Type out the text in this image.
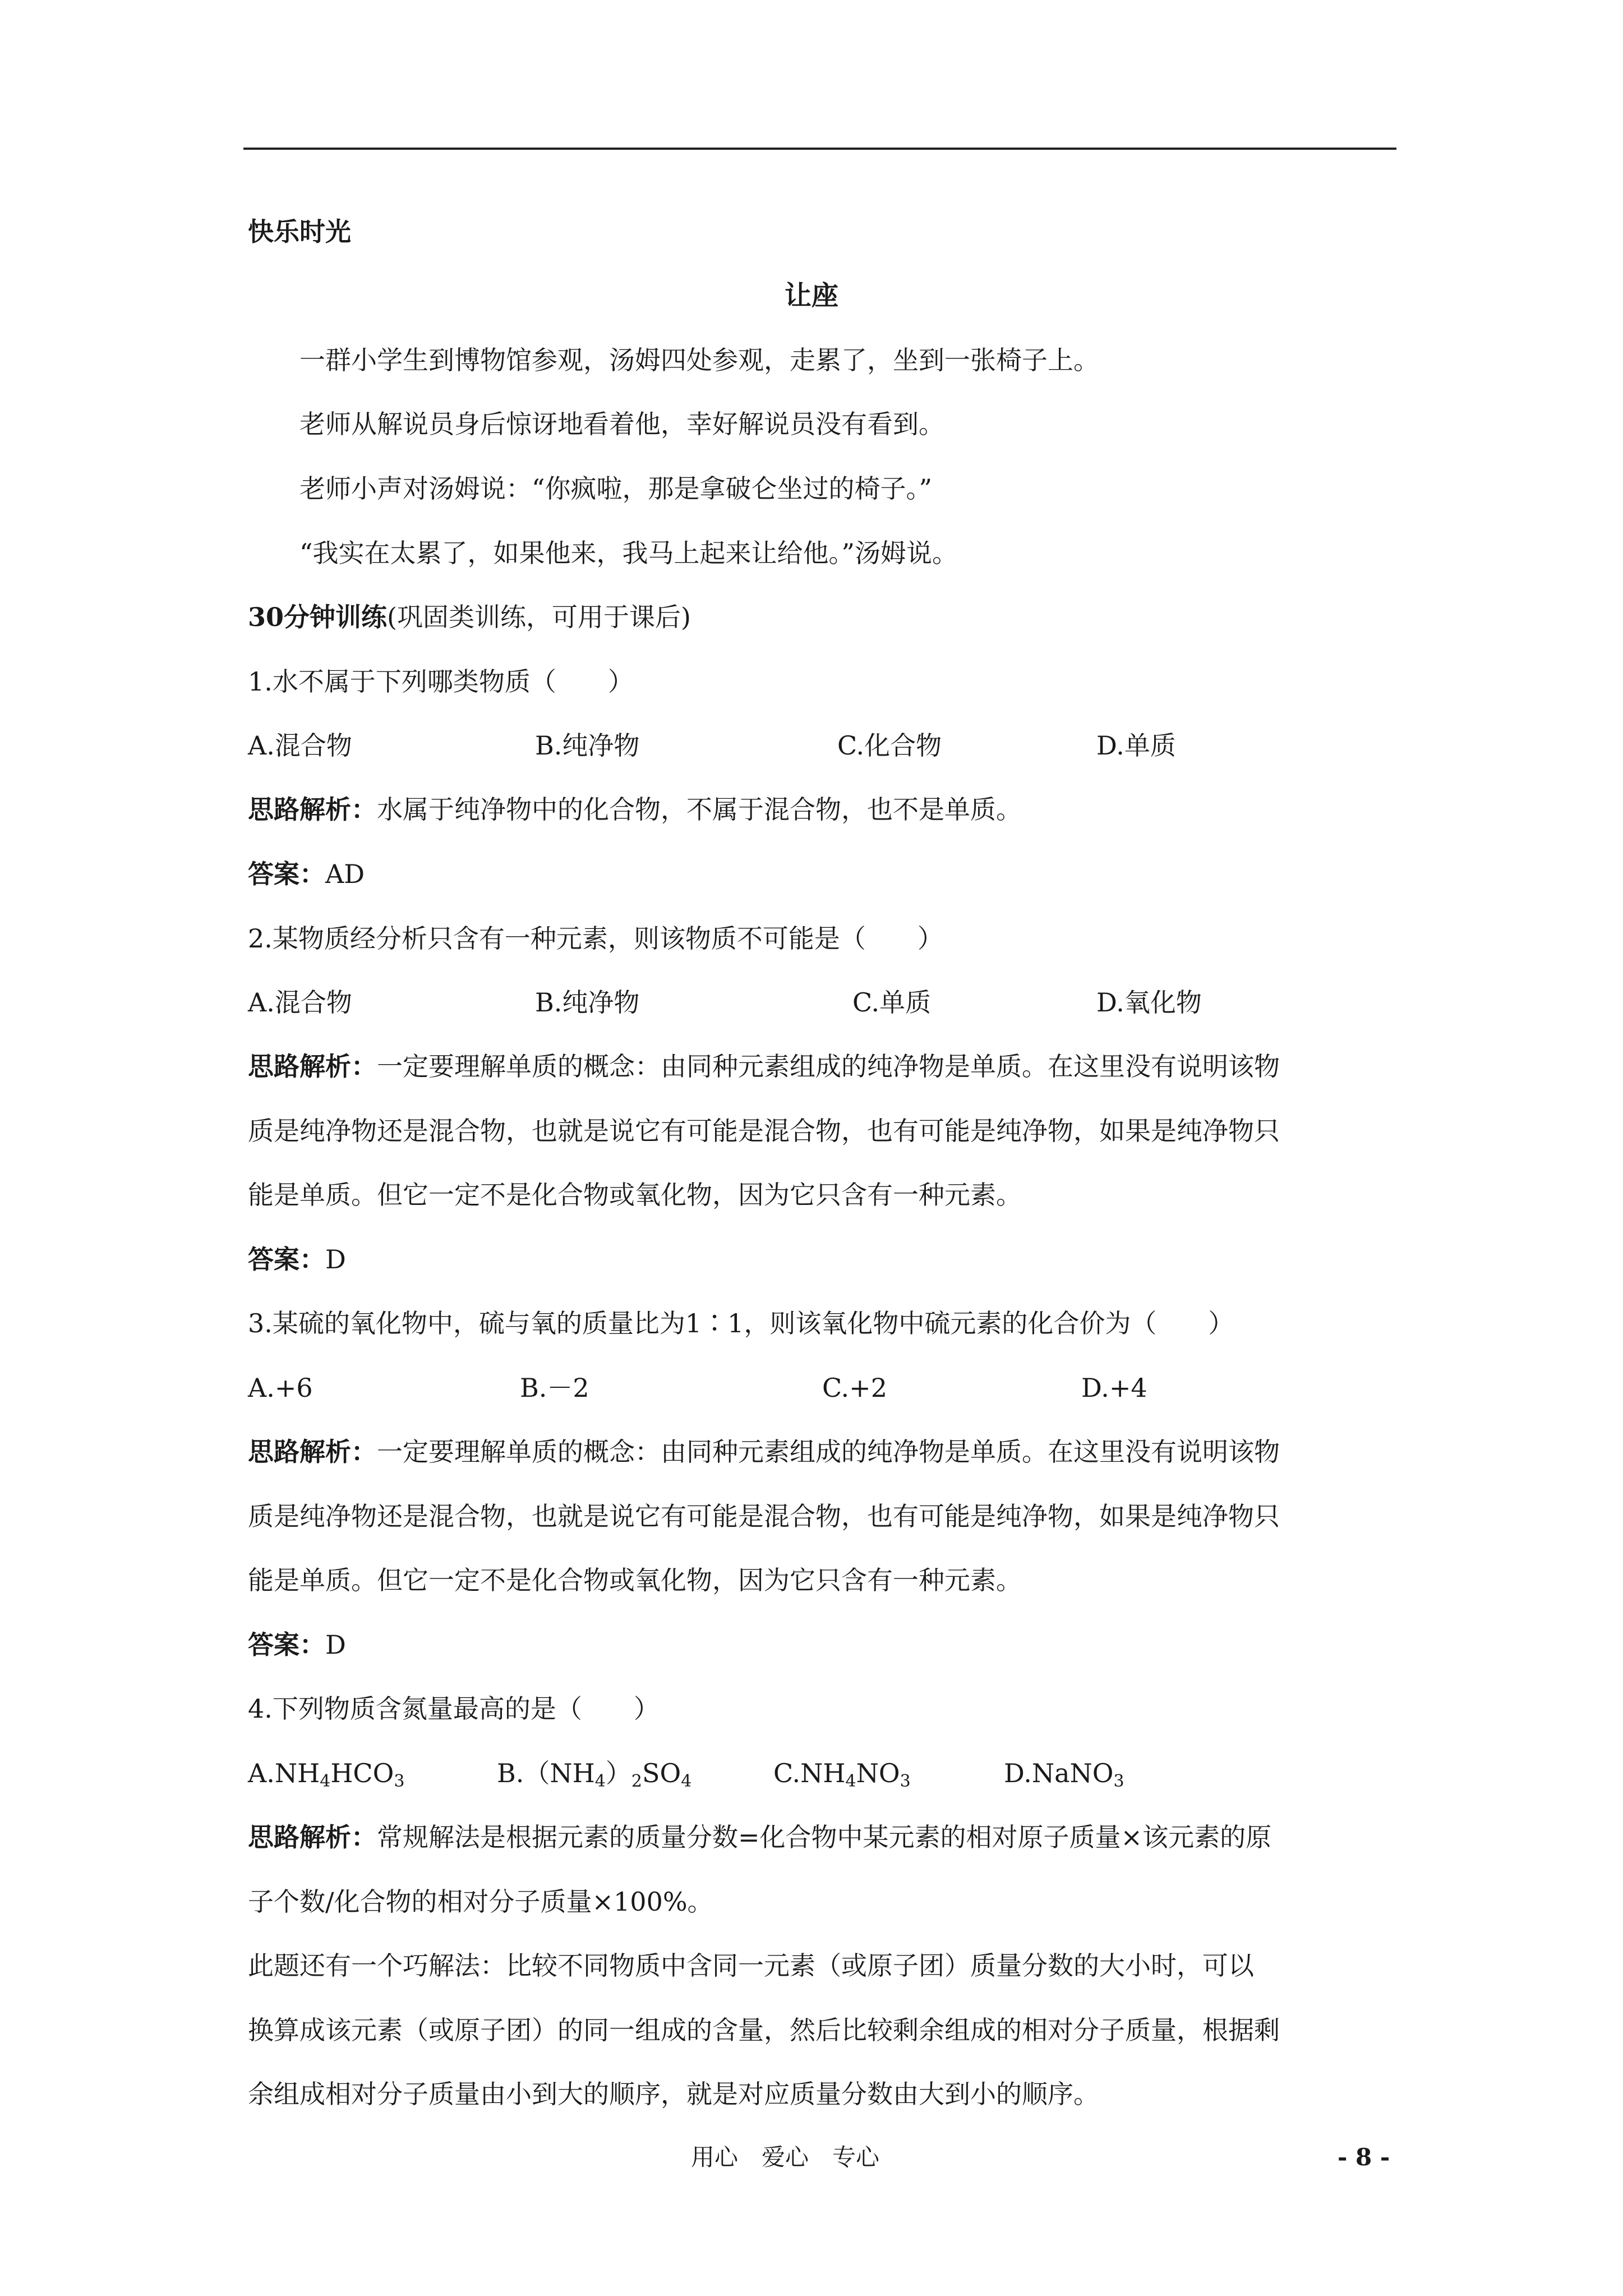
快乐时光
让座
一群小学生到博物馆参观，汤姆四处参观，走累了，坐到一张椅子上。
老师从解说员身后惊讶地看着他，幸好解说员没有看到。
老师小声对汤姆说：“你疯啦，那是拿破仑坐过的椅子。”
“我实在太累了，如果他来，我马上起来让给他。”汤姆说。
30分钟训练(巩固类训练，可用于课后)
1.水不属于下列哪类物质（　　）
A.混合物	B.纯净物	C.化合物	D.单质
思路解析：水属于纯净物中的化合物，不属于混合物，也不是单质。
答案：AD
2.某物质经分析只含有一种元素，则该物质不可能是（　　）
A.混合物	B.纯净物	C.单质	D.氧化物
思路解析：一定要理解单质的概念：由同种元素组成的纯净物是单质。在这里没有说明该物
质是纯净物还是混合物，也就是说它有可能是混合物，也有可能是纯净物，如果是纯净物只
能是单质。但它一定不是化合物或氧化物，因为它只含有一种元素。
答案：D
3.某硫的氧化物中，硫与氧的质量比为1∶1，则该氧化物中硫元素的化合价为（　　）
A.+6	B.－2	C.+2	D.+4
思路解析：一定要理解单质的概念：由同种元素组成的纯净物是单质。在这里没有说明该物
质是纯净物还是混合物，也就是说它有可能是混合物，也有可能是纯净物，如果是纯净物只
能是单质。但它一定不是化合物或氧化物，因为它只含有一种元素。
答案：D
4.下列物质含氮量最高的是（　　）
$A.NH_4HCO_3$	$B.(NH_4)_2SO_4$	$C.NH_4NO_3$	D.NaNO$_3$
思路解析：常规解法是根据元素的质量分数=化合物中某元素的相对原子质量×该元素的原
子个数/化合物的相对分子质量×100%。
此题还有一个巧解法：比较不同物质中含同一元素（或原子团）质量分数的大小时，可以
换算成该元素（或原子团）的同一组成的含量，然后比较剩余组成的相对分子质量，根据剩
余组成相对分子质量由小到大的顺序，就是对应质量分数由大到小的顺序。
用心　爱心　专心	- 8 -
